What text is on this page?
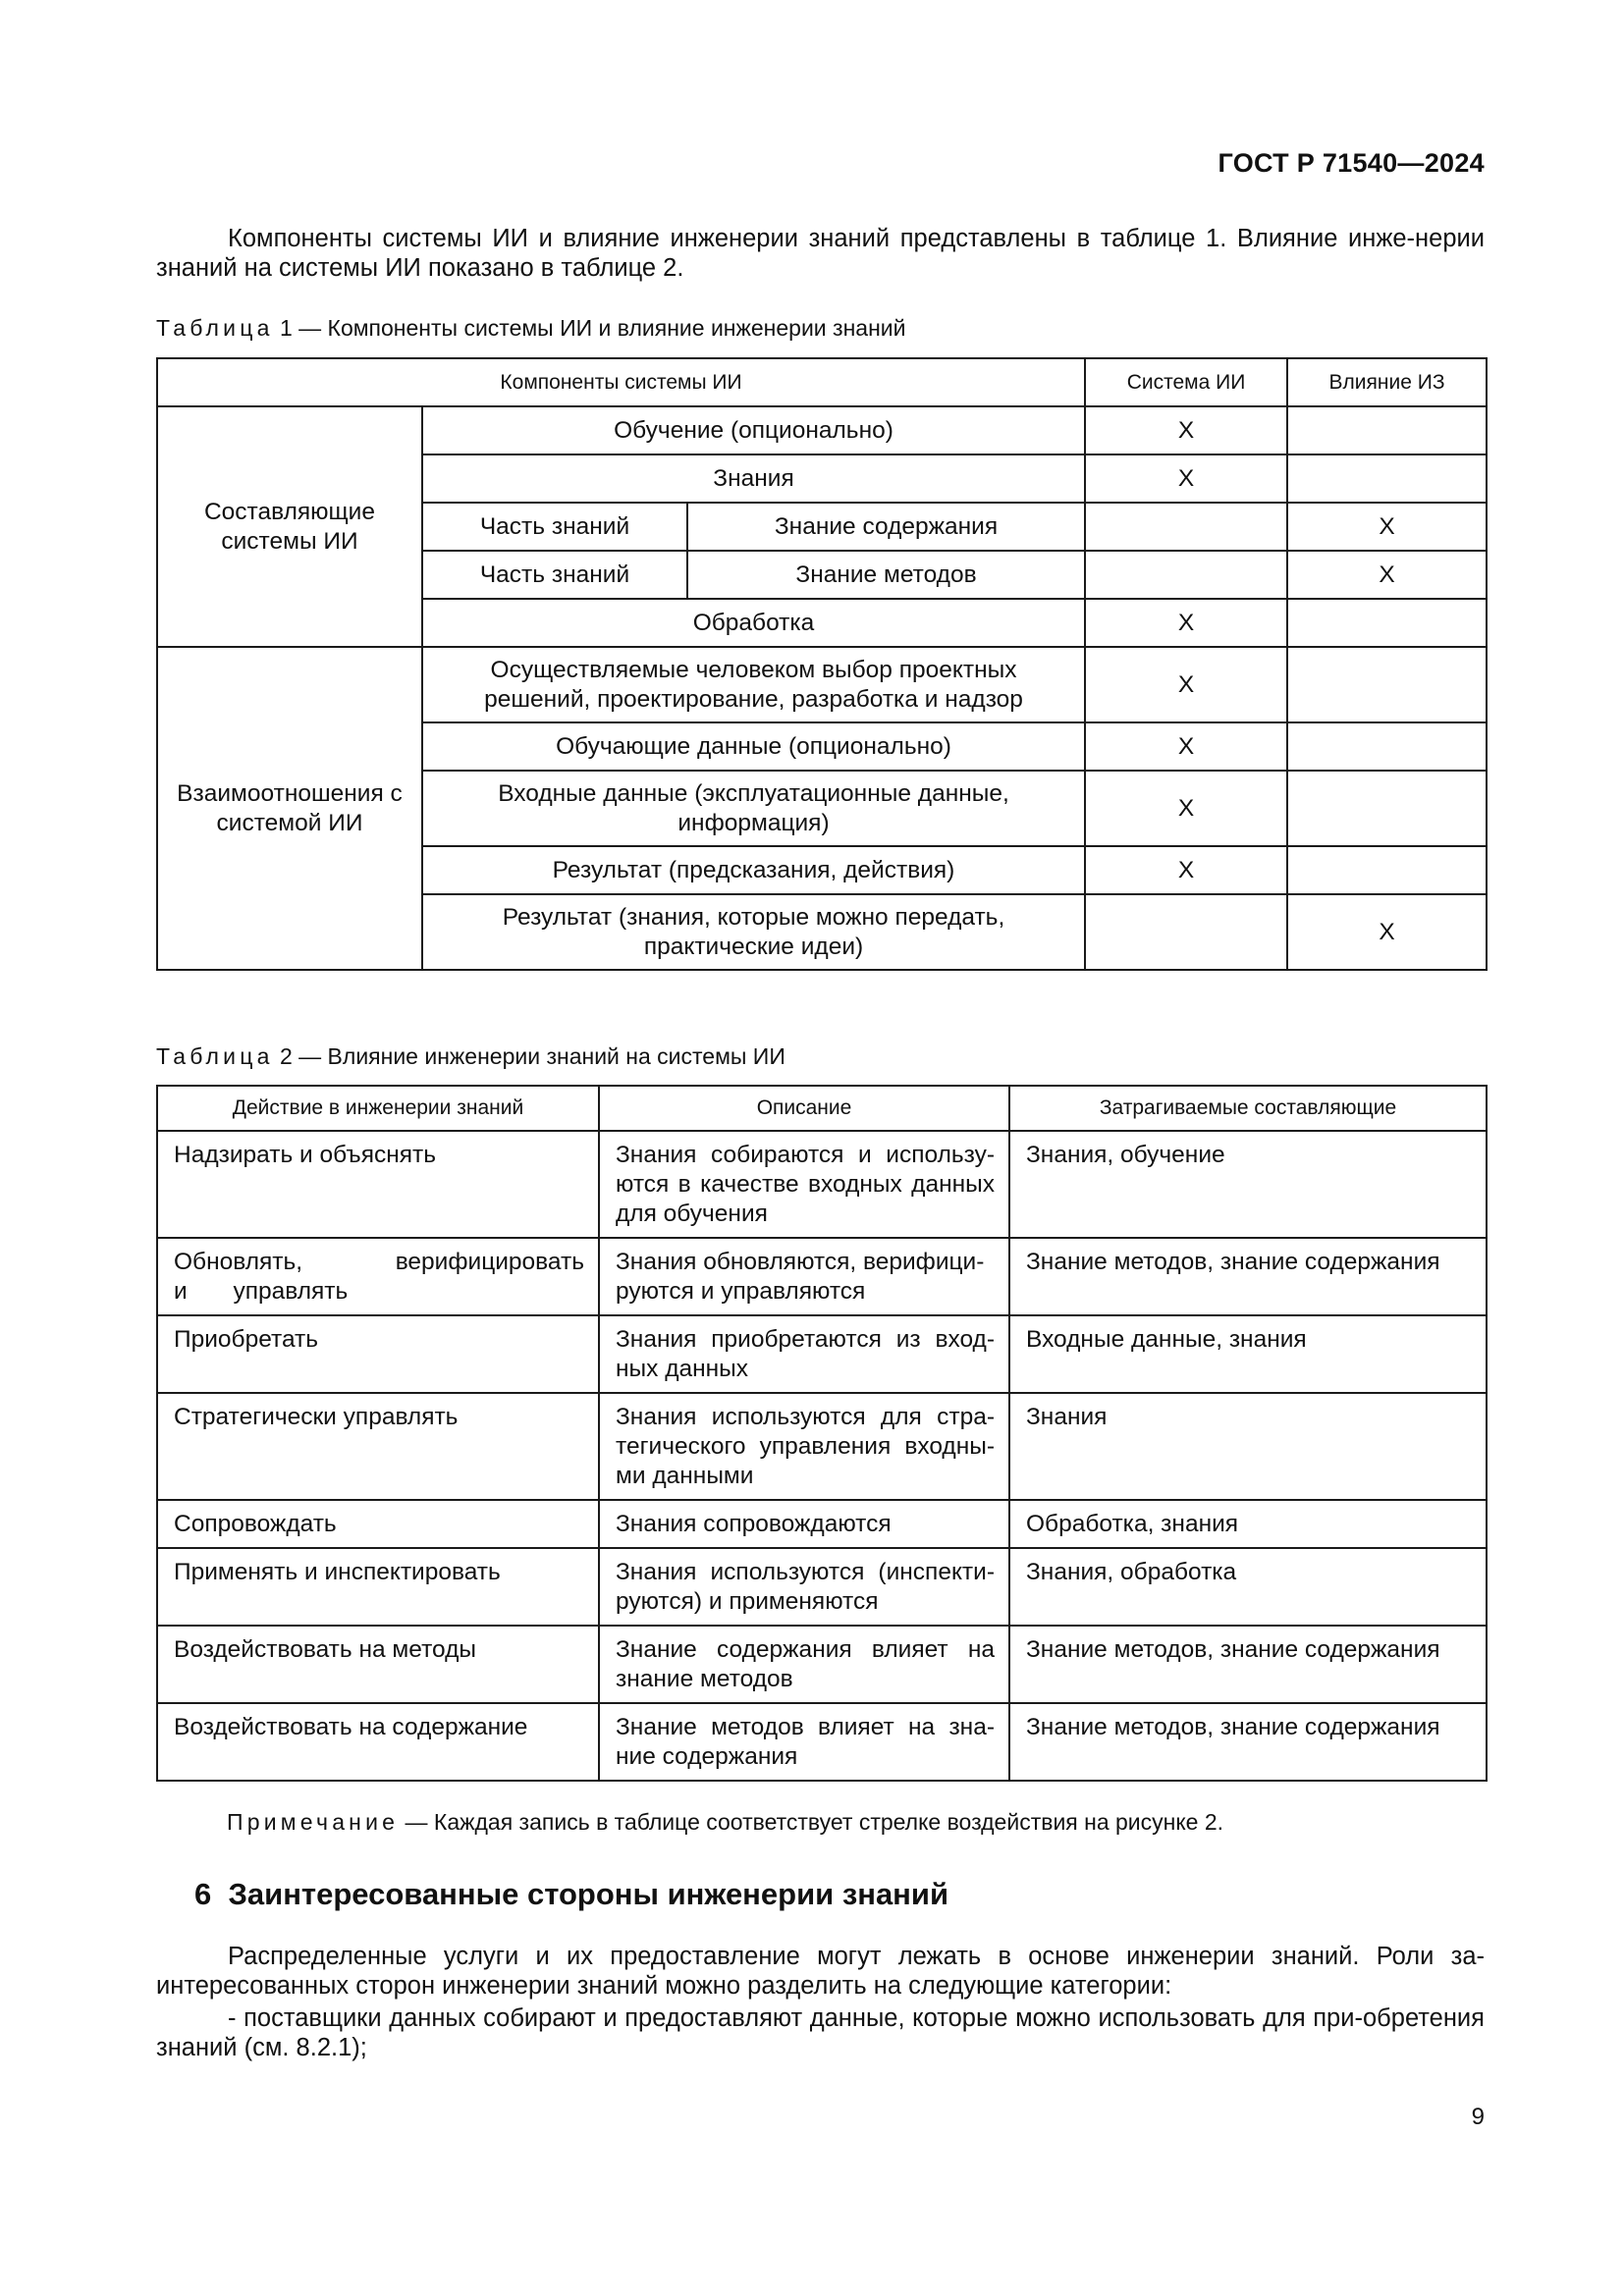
ГОСТ Р 71540—2024
Компоненты системы ИИ и влияние инженерии знаний представлены в таблице 1. Влияние инже-нерии знаний на системы ИИ показано в таблице 2.
Таблица 1 — Компоненты системы ИИ и влияние инженерии знаний
Компоненты системы ИИ			Система ИИ	Влияние ИЗ
Составляющие системы ИИ	Обучение (опционально)		X	
	Знания		X	
	Часть знаний	Знание содержания		X
	Часть знаний	Знание методов		X
	Обработка		X	
Взаимоотношения с системой ИИ	Осуществляемые человеком выбор проектных решений, проектирование, разработка и надзор		X	
	Обучающие данные (опционально)		X	
	Входные данные (эксплуатационные данные, информация)		X	
	Результат (предсказания, действия)		X	
	Результат (знания, которые можно передать, практические идеи)			X
Таблица 2 — Влияние инженерии знаний на системы ИИ
Действие в инженерии знаний	Описание	Затрагиваемые составляющие
Надзирать и объяснять	Знания собираются и использу-ются в качестве входных данных для обучения	Знания, обучение
Обновлять, верифицировать и управлять	Знания обновляются, верифици-руются и управляются	Знание методов, знание содержания
Приобретать	Знания приобретаются из вход-ных данных	Входные данные, знания
Стратегически управлять	Знания используются для стра-тегического управления входны-ми данными	Знания
Сопровождать	Знания сопровождаются	Обработка, знания
Применять и инспектировать	Знания используются (инспекти-руются) и применяются	Знания, обработка
Воздействовать на методы	Знание содержания влияет на знание методов	Знание методов, знание содержания
Воздействовать на содержание	Знание методов влияет на зна-ние содержания	Знание методов, знание содержания
Примечание — Каждая запись в таблице соответствует стрелке воздействия на рисунке 2.
6 Заинтересованные стороны инженерии знаний
Распределенные услуги и их предоставление могут лежать в основе инженерии знаний. Роли за-интересованных сторон инженерии знаний можно разделить на следующие категории:
- поставщики данных собирают и предоставляют данные, которые можно использовать для при-обретения знаний (см. 8.2.1);
9
